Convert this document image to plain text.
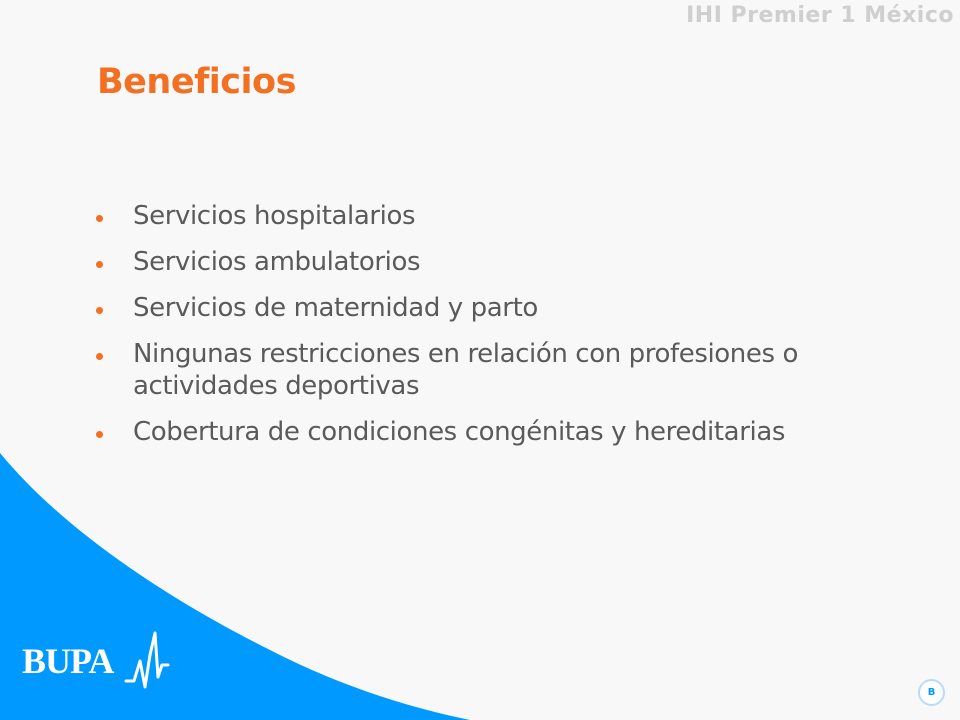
IHI Premier 1 México
Beneficios
Servicios hospitalarios
Servicios ambulatorios
Servicios de maternidad y parto
Ningunas restricciones en relación con profesiones o actividades deportivas
Cobertura de condiciones congénitas y hereditarias
BUPA
B
